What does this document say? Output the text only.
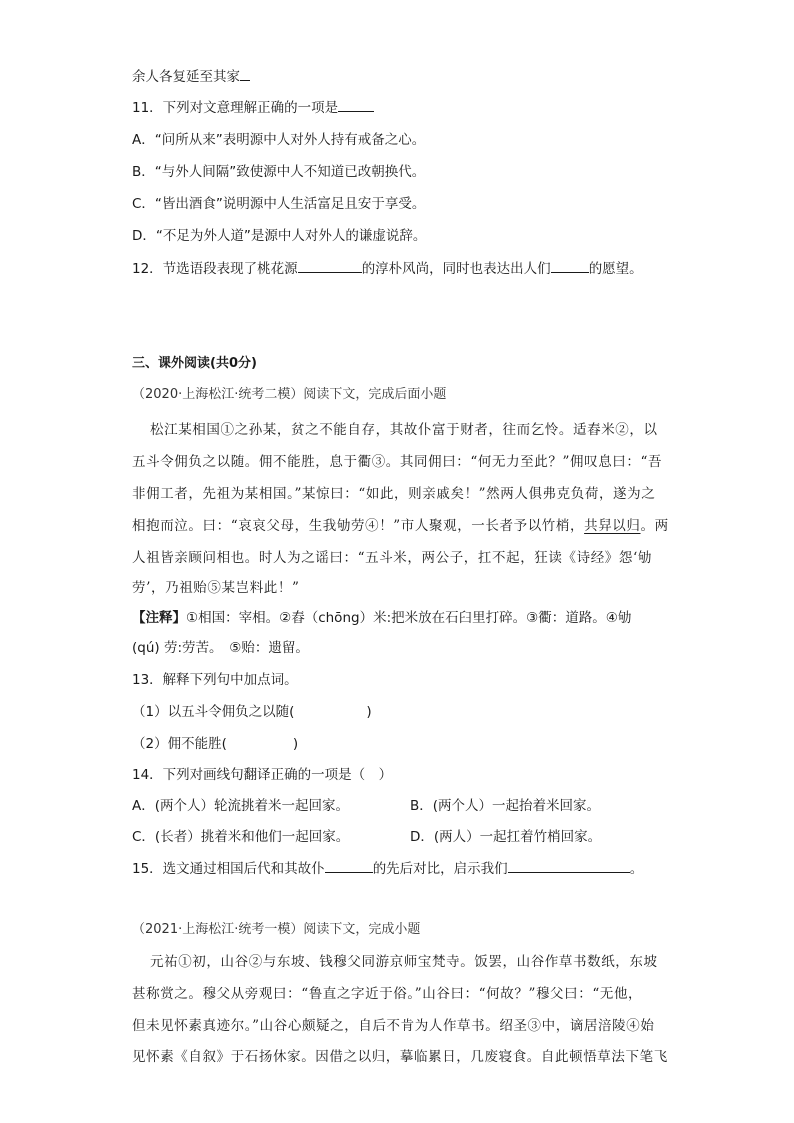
余人各复延至其家
11．下列对文意理解正确的一项是
A．“问所从来”表明源中人对外人持有戒备之心。
B．“与外人间隔”致使源中人不知道已改朝换代。
C．“皆出酒食”说明源中人生活富足且安于享受。
D．“不足为外人道”是源中人对外人的谦虚说辞。
12．节选语段表现了桃花源	的淳朴风尚，同时也表达出人们	的愿望。
三、课外阅读(共0分)
（2020·上海松江·统考二模）阅读下文，完成后面小题
松江某相国①之孙某，贫之不能自存，其故仆富于财者，往而乞怜。适舂米②，以
五斗令佣负之以随。佣不能胜，息于衢③。其同佣曰：“何无力至此？”佣叹息曰：“吾
非佣工者，先祖为某相国。”某惊曰：“如此，则亲戚矣！”然两人俱弗克负荷，遂为之
相抱而泣。曰：“哀哀父母，生我劬劳④！”市人聚观，一长者予以竹梢，共舁以归。两
人祖皆亲顾问相也。时人为之谣曰：“五斗米，两公子，扛不起，狂读《诗经》怨‘劬
劳’，乃祖贻⑤某岂料此！”
【注释】①相国：宰相。②舂（chōng）米:把米放在石臼里打碎。③衢：道路。④劬
(qú) 劳:劳苦。　⑤贻：遗留。
13．解释下列句中加点词。
（1）以五斗令佣负之以随(	)
（2）佣不能胜(	)
14．下列对画线句翻译正确的一项是（　）
A．(两个人）轮流挑着米一起回家。	B．(两个人）一起抬着米回家。
C．(长者）挑着米和他们一起回家。	D．(两人）一起扛着竹梢回家。
15．选文通过相国后代和其故仆	的先后对比，启示我们	。
（2021·上海松江·统考一模）阅读下文，完成小题
元祐①初，山谷②与东坡、钱穆父同游京师宝梵寺。饭罢，山谷作草书数纸，东坡
甚称赏之。穆父从旁观曰：“鲁直之字近于俗。”山谷曰：“何故？”穆父曰：“无他，
但未见怀素真迹尔。”山谷心颇疑之，自后不肯为人作草书。绍圣③中，谪居涪陵④始
见怀素《自叙》于石扬休家。因借之以归，摹临累日，几废寝食。自此顿悟草法下笔飞
